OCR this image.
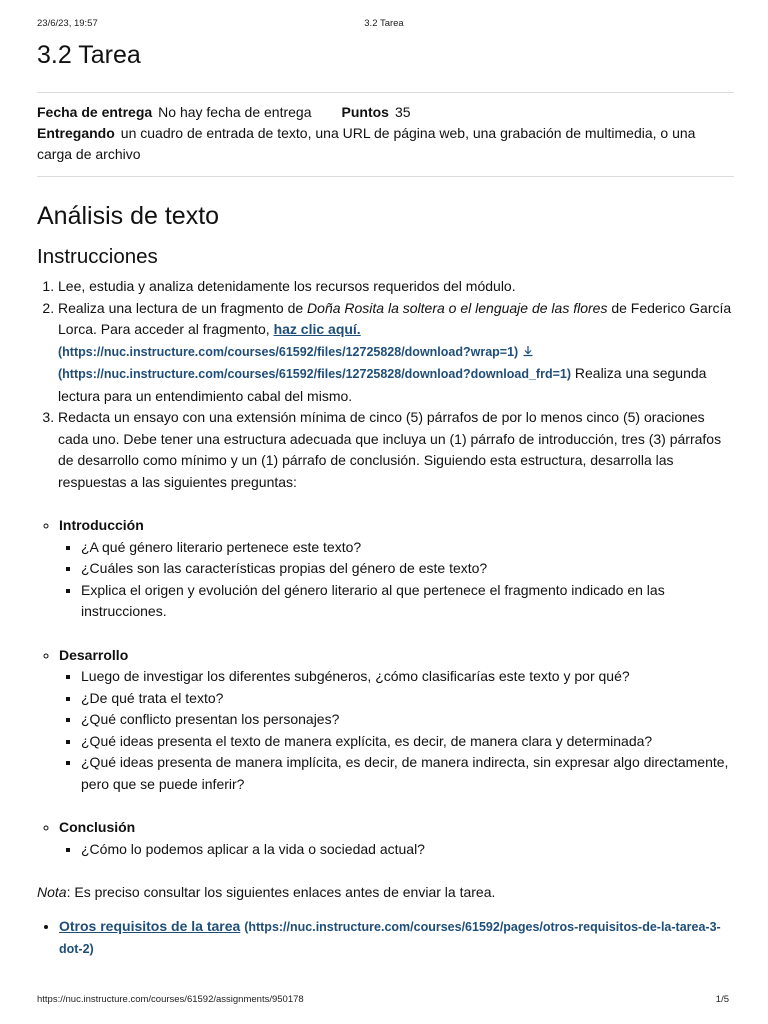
23/6/23, 19:57	3.2 Tarea
3.2 Tarea
Fecha de entrega No hay fecha de entrega Puntos 35
Entregando un cuadro de entrada de texto, una URL de página web, una grabación de multimedia, o una carga de archivo
Análisis de texto
Instrucciones
1. Lee, estudia y analiza detenidamente los recursos requeridos del módulo.
2. Realiza una lectura de un fragmento de Doña Rosita la soltera o el lenguaje de las flores de Federico García Lorca. Para acceder al fragmento, haz clic aquí.
(https://nuc.instructure.com/courses/61592/files/12725828/download?wrap=1)
(https://nuc.instructure.com/courses/61592/files/12725828/download?download_frd=1) Realiza una segunda lectura para un entendimiento cabal del mismo.
3. Redacta un ensayo con una extensión mínima de cinco (5) párrafos de por lo menos cinco (5) oraciones cada uno. Debe tener una estructura adecuada que incluya un (1) párrafo de introducción, tres (3) párrafos de desarrollo como mínimo y un (1) párrafo de conclusión. Siguiendo esta estructura, desarrolla las respuestas a las siguientes preguntas:
◦ Introducción
▪ ¿A qué género literario pertenece este texto?
▪ ¿Cuáles son las características propias del género de este texto?
▪ Explica el origen y evolución del género literario al que pertenece el fragmento indicado en las instrucciones.
◦ Desarrollo
▪ Luego de investigar los diferentes subgéneros, ¿cómo clasificarías este texto y por qué?
▪ ¿De qué trata el texto?
▪ ¿Qué conflicto presentan los personajes?
▪ ¿Qué ideas presenta el texto de manera explícita, es decir, de manera clara y determinada?
▪ ¿Qué ideas presenta de manera implícita, es decir, de manera indirecta, sin expresar algo directamente, pero que se puede inferir?
◦ Conclusión
▪ ¿Cómo lo podemos aplicar a la vida o sociedad actual?
Nota: Es preciso consultar los siguientes enlaces antes de enviar la tarea.
• Otros requisitos de la tarea (https://nuc.instructure.com/courses/61592/pages/otros-requisitos-de-la-tarea-3-dot-2)
https://nuc.instructure.com/courses/61592/assignments/950178	1/5
